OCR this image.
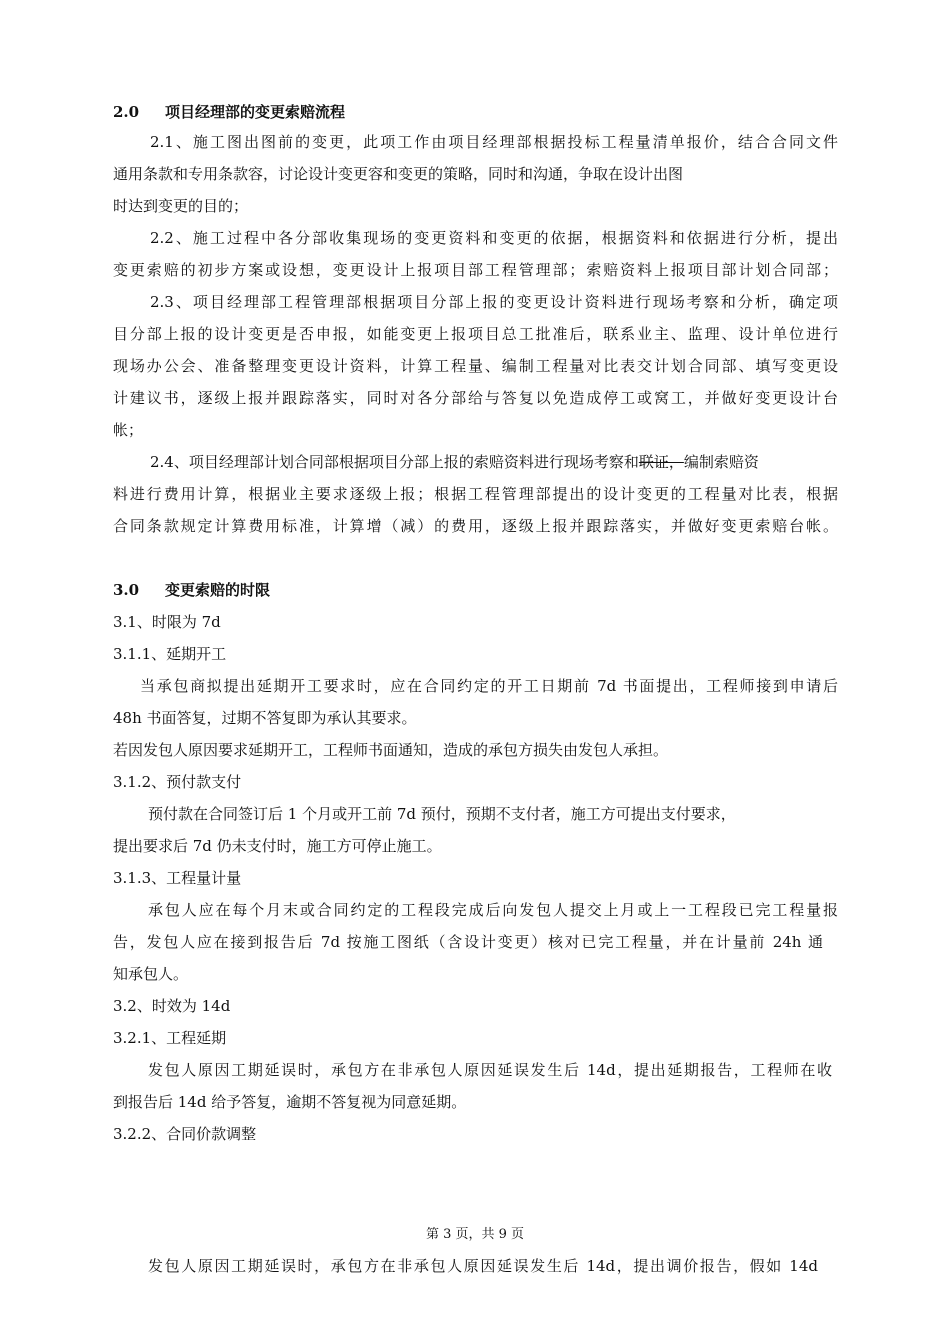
2.0 项目经理部的变更索赔流程
2.1、施工图出图前的变更，此项工作由项目经理部根据投标工程量清单报价，结合合同文件
通用条款和专用条款容，讨论设计变更容和变更的策略，同时和沟通，争取在设计出图
时达到变更的目的；
2.2、施工过程中各分部收集现场的变更资料和变更的依据，根据资料和依据进行分析，提出
变更索赔的初步方案或设想，变更设计上报项目部工程管理部；索赔资料上报项目部计划合同部；
2.3、项目经理部工程管理部根据项目分部上报的变更设计资料进行现场考察和分析，确定项
目分部上报的设计变更是否申报，如能变更上报项目总工批准后，联系业主、监理、设计单位进行
现场办公会、准备整理变更设计资料，计算工程量、编制工程量对比表交计划合同部、填写变更设
计建议书，逐级上报并跟踪落实，同时对各分部给与答复以免造成停工或窝工，并做好变更设计台
帐；
2.4、项目经理部计划合同部根据项目分部上报的索赔资料进行现场考察和联证，编制索赔资
料进行费用计算，根据业主要求逐级上报；根据工程管理部提出的设计变更的工程量对比表，根据
合同条款规定计算费用标准，计算增（减）的费用，逐级上报并跟踪落实，并做好变更索赔台帐。
3.0 变更索赔的时限
3.1、时限为 7d
3.1.1、延期开工
当承包商拟提出延期开工要求时，应在合同约定的开工日期前 7d 书面提出，工程师接到申请后
48h 书面答复，过期不答复即为承认其要求。
若因发包人原因要求延期开工，工程师书面通知，造成的承包方损失由发包人承担。
3.1.2、预付款支付
预付款在合同签订后 1 个月或开工前 7d 预付，预期不支付者，施工方可提出支付要求，
提出要求后 7d 仍未支付时，施工方可停止施工。
3.1.3、工程量计量
承包人应在每个月末或合同约定的工程段完成后向发包人提交上月或上一工程段已完工程量报
告，发包人应在接到报告后 7d 按施工图纸（含设计变更）核对已完工程量，并在计量前 24h 通
知承包人。
3.2、时效为 14d
3.2.1、工程延期
发包人原因工期延误时，承包方在非承包人原因延误发生后 14d，提出延期报告，工程师在收
到报告后 14d 给予答复，逾期不答复视为同意延期。
3.2.2、合同价款调整
第 3 页，共 9 页
发包人原因工期延误时，承包方在非承包人原因延误发生后 14d，提出调价报告，假如 14d
